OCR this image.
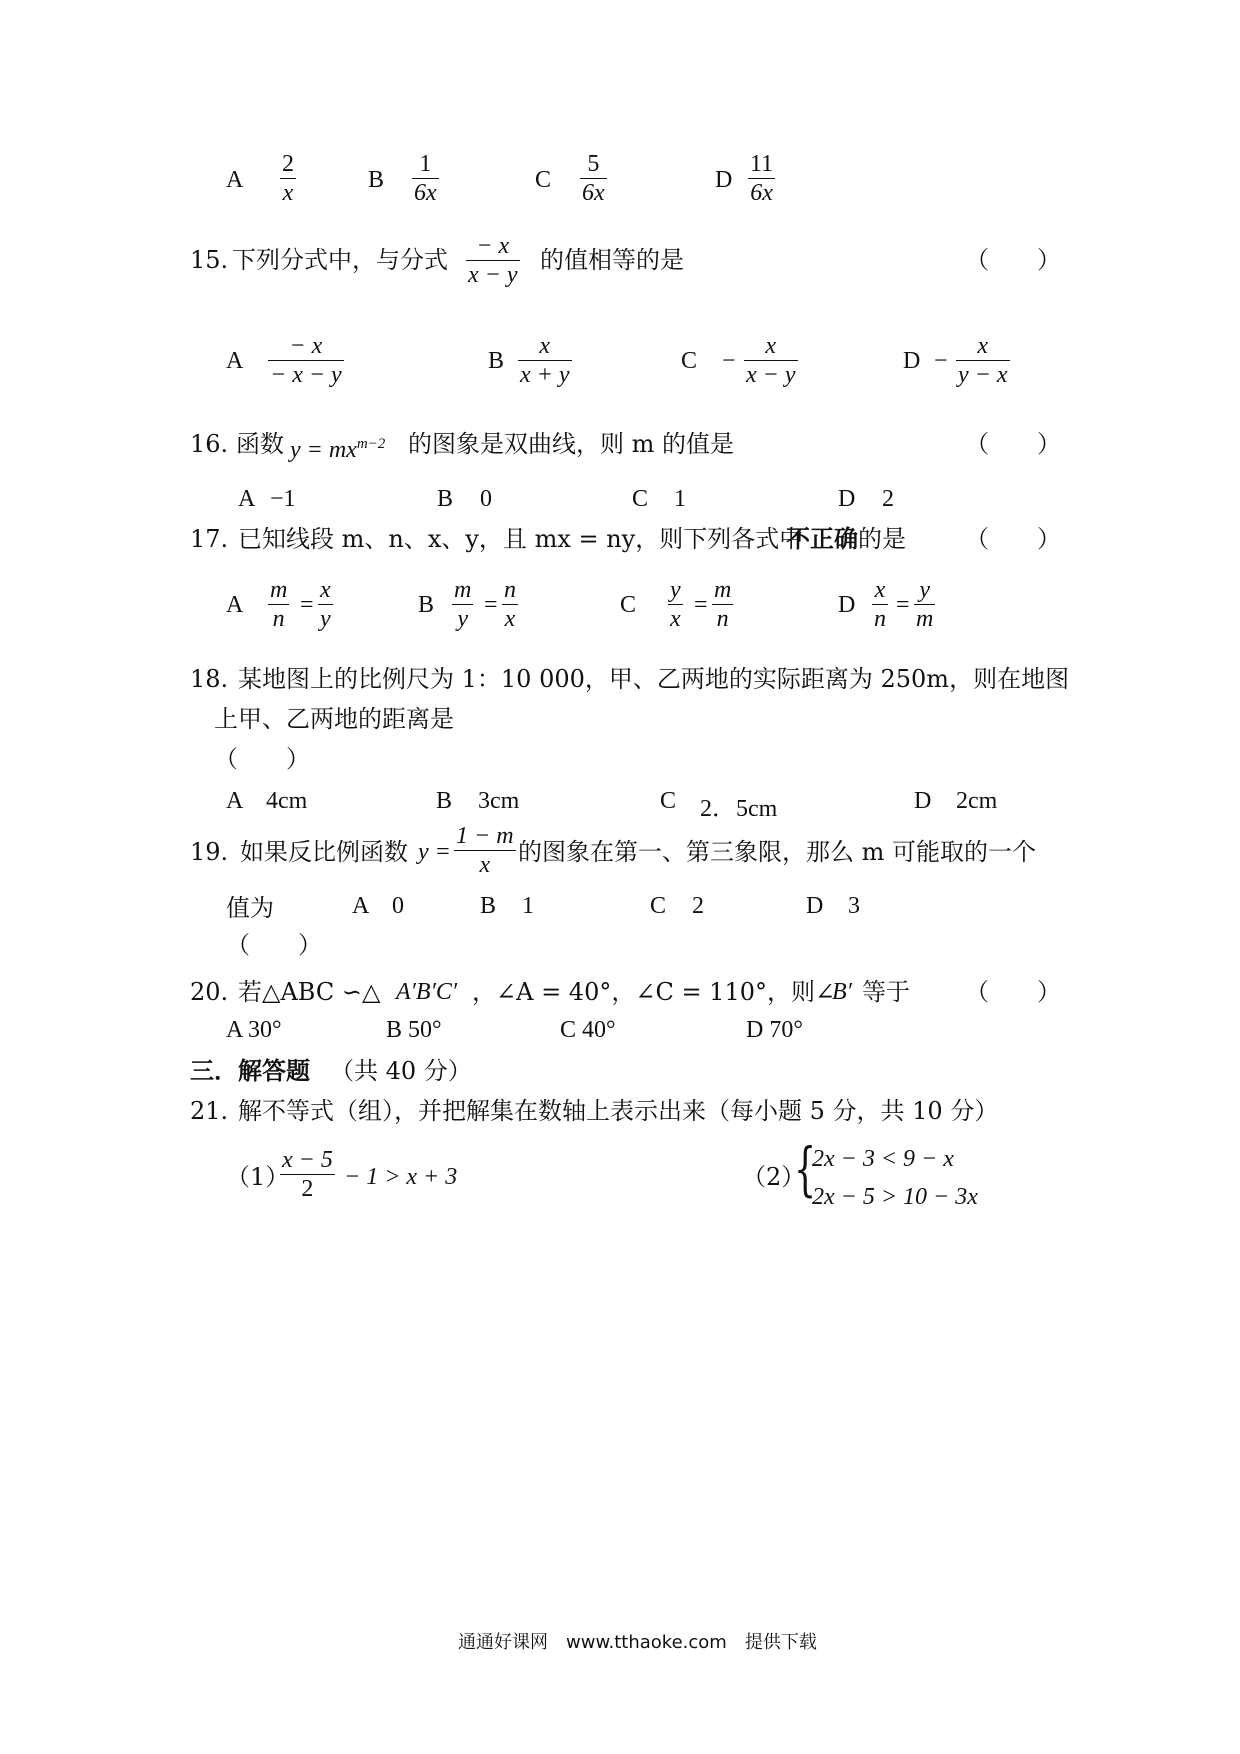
A $\frac{2}{x}$	B $\frac{1}{6x}$	C $\frac{5}{6x}$	D $\frac{11}{6x}$
15. 下列分式中，与分式 $\frac{- x}{x - y}$ 的值相等的是	（　　）
A $\frac{- x}{- x - y}$	B $\frac{x}{x + y}$	$C - \frac{x}{x - y}$	$D - \frac{x}{y - x}$
16. 函数 $y = mx^{m-2}$ 的图象是双曲线，则 m 的值是	（　　）
A −1	B 0	C 1	D 2
17. 已知线段 m、n、x、y，且 mx = ny，则下列各式中
不正确 的是 （　　）
A $\frac{m}{n} = \frac{x}{y}$	B $\frac{m}{y} = \frac{n}{x}$	C $\frac{y}{x} = \frac{m}{n}$	D $\frac{x}{n} = \frac{y}{m}$
18. 某地图上的比例尺为 1：10 000，甲、乙两地的实际距离为 250m，则在地图
上甲、乙两地的距离是
（　　）
A 4cm	B 3cm	C 2．5cm	D 2cm
19. 如果反比例函数 $y = \frac{1 - m}{x}$ 的图象在第一、第三象限，那么 m 可能取的一个
值为	A 0	B 1	C 2	D 3
（　　）
20. 若△ABC ∽△ A′B′C′ ，∠A = 40°，∠C = 110°，则∠
B′ 等于 （　　）
A 30°	B 50°	C 40°	D 70°
三．解答题 （共 40 分）
21. 解不等式（组），并把解集在数轴上表示出来（每小题 5 分，共 10 分）
（1）
$\frac{x - 5}{2} - 1 > x + 3$	（2）
{
2x − 3 < 9 − x
2x − 5 > 10 − 3x
通通好课网　www.tthaoke.com　提供下载
